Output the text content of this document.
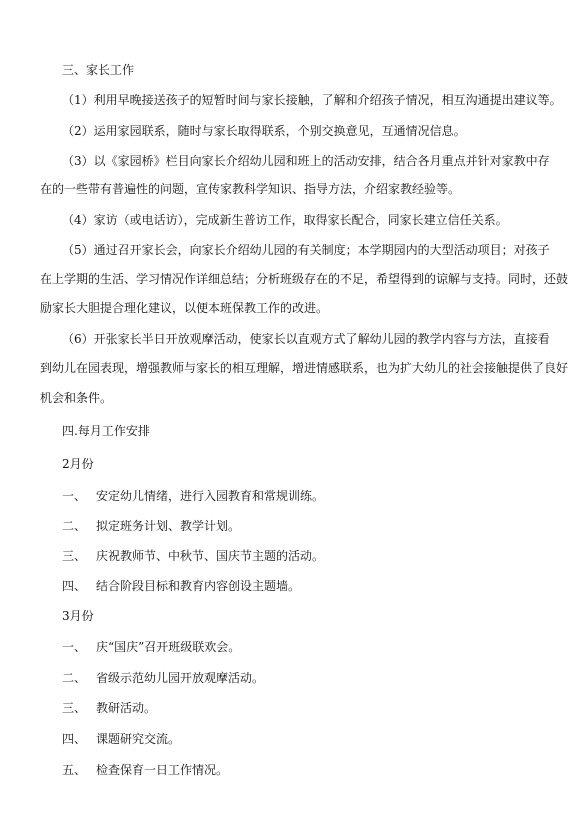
三、家长工作
（1）利用早晚接送孩子的短暂时间与家长接触，了解和介绍孩子情况，相互沟通提出建议等。
（2）运用家园联系，随时与家长取得联系，个别交换意见，互通情况信息。
（3）以《家园桥》栏目向家长介绍幼儿园和班上的活动安排，结合各月重点并针对家教中存
在的一些带有普遍性的问题，宣传家教科学知识、指导方法，介绍家教经验等。
（4）家访（或电话访），完成新生普访工作，取得家长配合，同家长建立信任关系。
（5）通过召开家长会，向家长介绍幼儿园的有关制度；本学期园内的大型活动项目；对孩子
在上学期的生活、学习情况作详细总结；分析班级存在的不足，希望得到的谅解与支持。同时，还鼓
励家长大胆提合理化建议，以便本班保教工作的改进。
（6）开张家长半日开放观摩活动，使家长以直观方式了解幼儿园的教学内容与方法，直接看
到幼儿在园表现，增强教师与家长的相互理解，增进情感联系，也为扩大幼儿的社会接触提供了良好
机会和条件。
四.每月工作安排
2月份
一、 安定幼儿情绪，进行入园教育和常规训练。
二、 拟定班务计划、教学计划。
三、 庆祝教师节、中秋节、国庆节主题的活动。
四、 结合阶段目标和教育内容创设主题墙。
3月份
一、 庆“国庆”召开班级联欢会。
二、 省级示范幼儿园开放观摩活动。
三、 教研活动。
四、 课题研究交流。
五、 检查保育一日工作情况。
